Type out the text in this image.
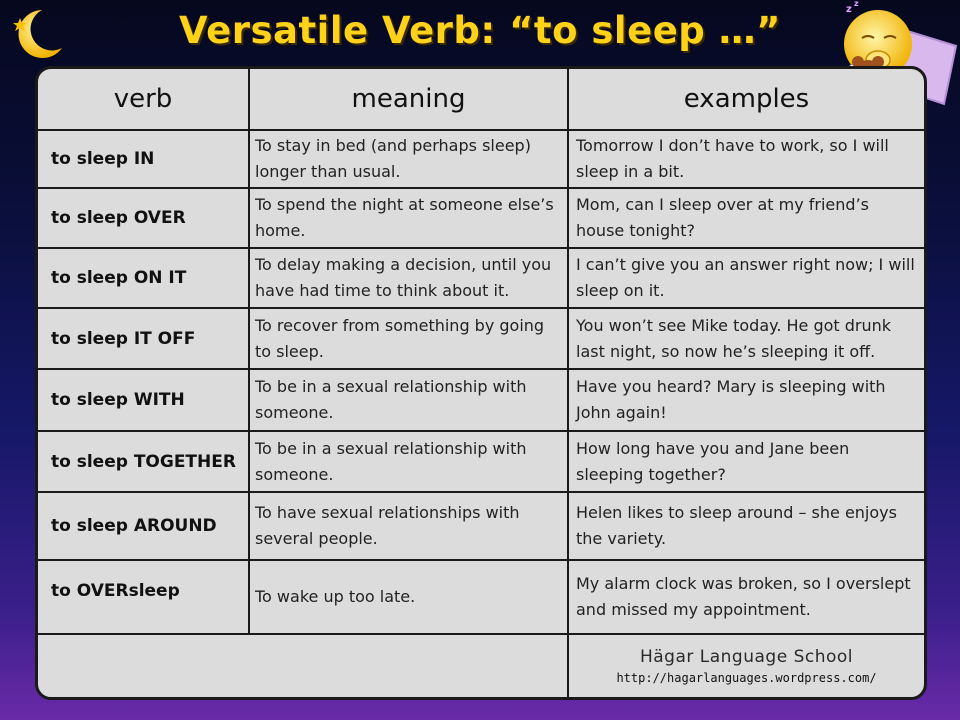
Versatile Verb: “to sleep …”	z
z
verb	meaning	examples
to sleep IN	To stay in bed (and perhaps sleep) longer than usual.	Tomorrow I don’t have to work, so I will sleep in a bit.
to sleep OVER	To spend the night at someone else’s home.	Mom, can I sleep over at my friend’s house tonight?
to sleep ON IT	To delay making a decision, until you have had time to think about it.	I can’t give you an answer right now; I will sleep on it.
to sleep IT OFF	To recover from something by going to sleep.	You won’t see Mike today. He got drunk last night, so now he’s sleeping it off.
to sleep WITH	To be in a sexual relationship with someone.	Have you heard? Mary is sleeping with John again!
to sleep TOGETHER	To be in a sexual relationship with someone.	How long have you and Jane been sleeping together?
to sleep AROUND	To have sexual relationships with several people.	Helen likes to sleep around – she enjoys the variety.
to OVERsleep	To wake up too late.	My alarm clock was broken, so I overslept and missed my appointment.

		Hägar Language School
http://hagarlanguages.wordpress.com/
